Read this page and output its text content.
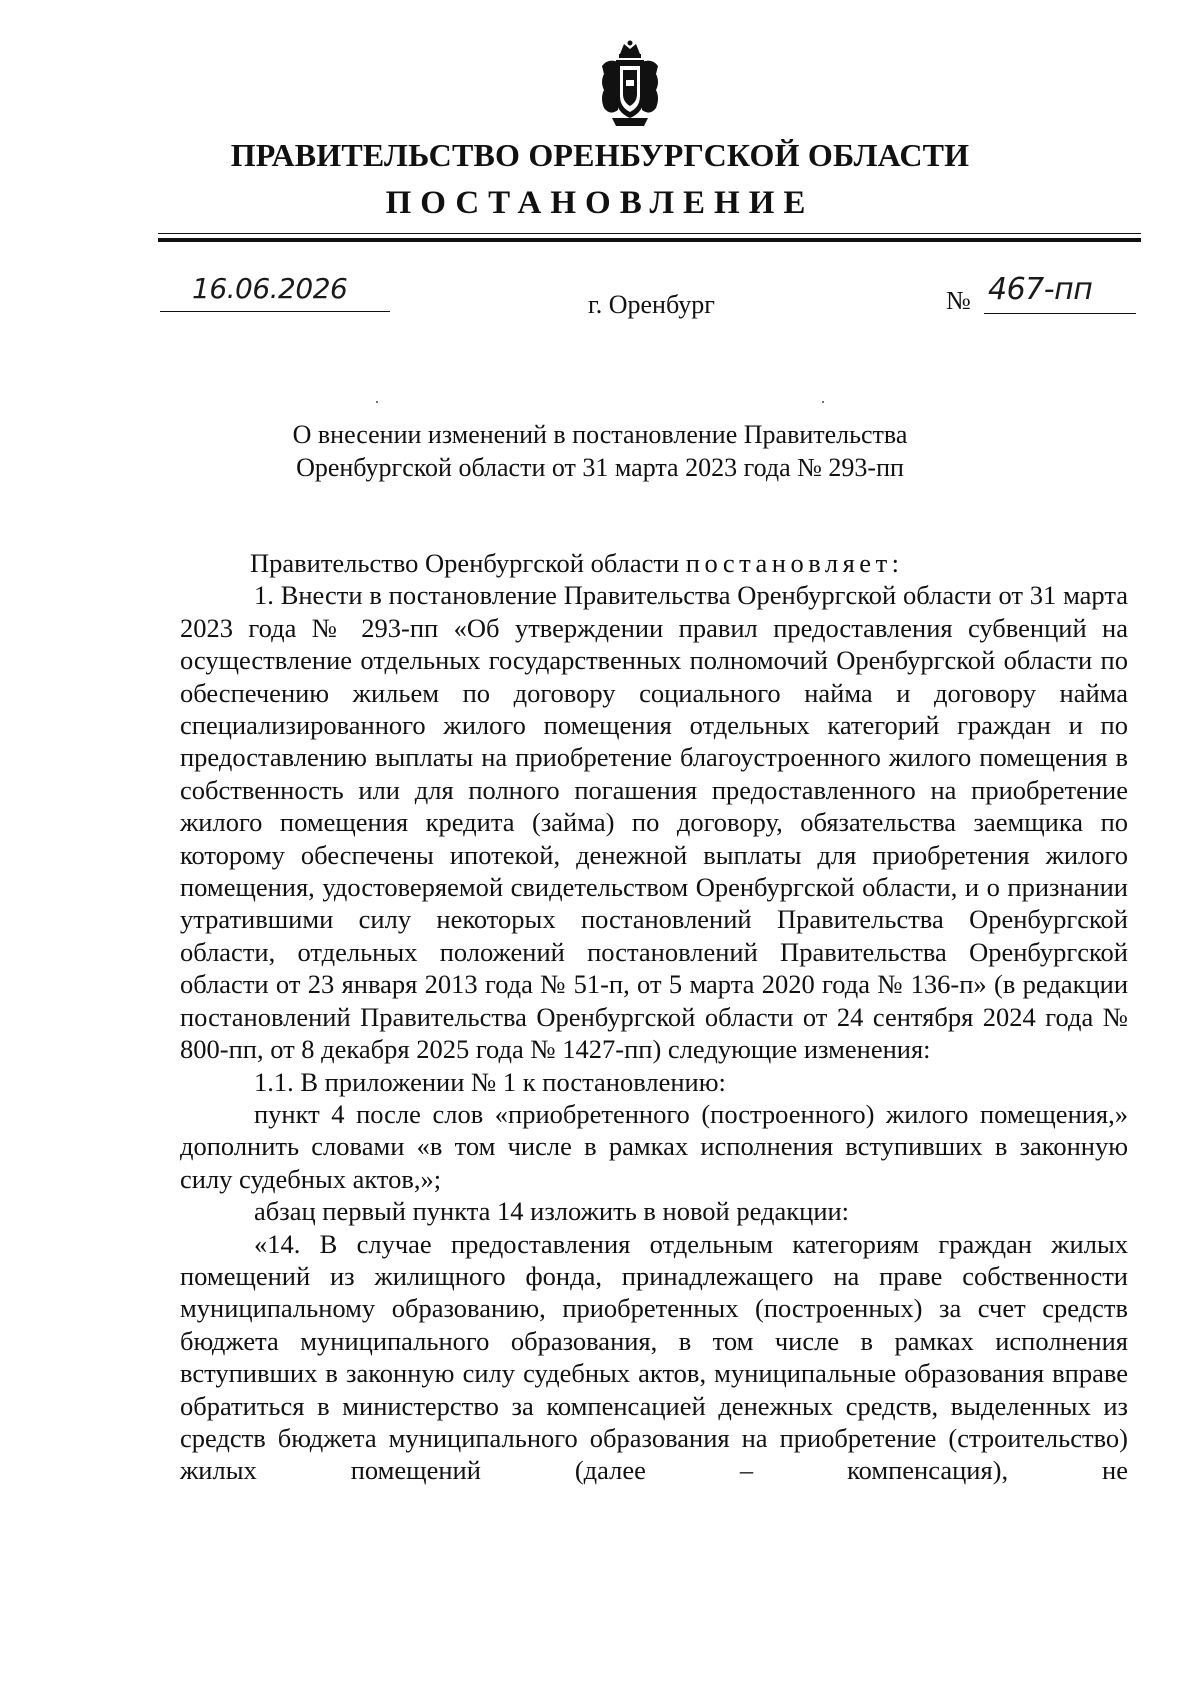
ПРАВИТЕЛЬСТВО ОРЕНБУРГСКОЙ ОБЛАСТИ
ПОСТАНОВЛЕНИЕ
16.06.2026	г. Оренбург	№ 467-пп
О внесении изменений в постановление Правительства
Оренбургской области от 31 марта 2023 года № 293-пп

Правительство Оренбургской области постановляет:

1. Внести в постановление Правительства Оренбургской области от 31 марта 2023 года № 293-пп «Об утверждении правил предоставления субвенций на осуществление отдельных государственных полномочий Оренбургской области по обеспечению жильем по договору социального найма и договору найма специализированного жилого помещения отдельных категорий граждан и по предоставлению выплаты на приобретение благоустроенного жилого помещения в собственность или для полного погашения предоставленного на приобретение жилого помещения кредита (займа) по договору, обязательства заемщика по которому обеспечены ипотекой, денежной выплаты для приобретения жилого помещения, удостоверяемой свидетельством Оренбургской области, и о признании утратившими силу некоторых постановлений Правительства Оренбургской области, отдельных положений постановлений Правительства Оренбургской области от 23 января 2013 года № 51-п, от 5 марта 2020 года № 136-п» (в редакции постановлений Правительства Оренбургской области от 24 сентября 2024 года № 800-пп, от 8 декабря 2025 года № 1427-пп) следующие изменения:

1.1. В приложении № 1 к постановлению:

пункт 4 после слов «приобретенного (построенного) жилого помещения,» дополнить словами «в том числе в рамках исполнения вступивших в законную силу судебных актов,»;

абзац первый пункта 14 изложить в новой редакции:

«14. В случае предоставления отдельным категориям граждан жилых помещений из жилищного фонда, принадлежащего на праве собственности муниципальному образованию, приобретенных (построенных) за счет средств бюджета муниципального образования, в том числе в рамках исполнения вступивших в законную силу судебных актов, муниципальные образования вправе обратиться в министерство за компенсацией денежных средств, выделенных из средств бюджета муниципального образования на приобретение (строительство) жилых помещений (далее – компенсация), не
